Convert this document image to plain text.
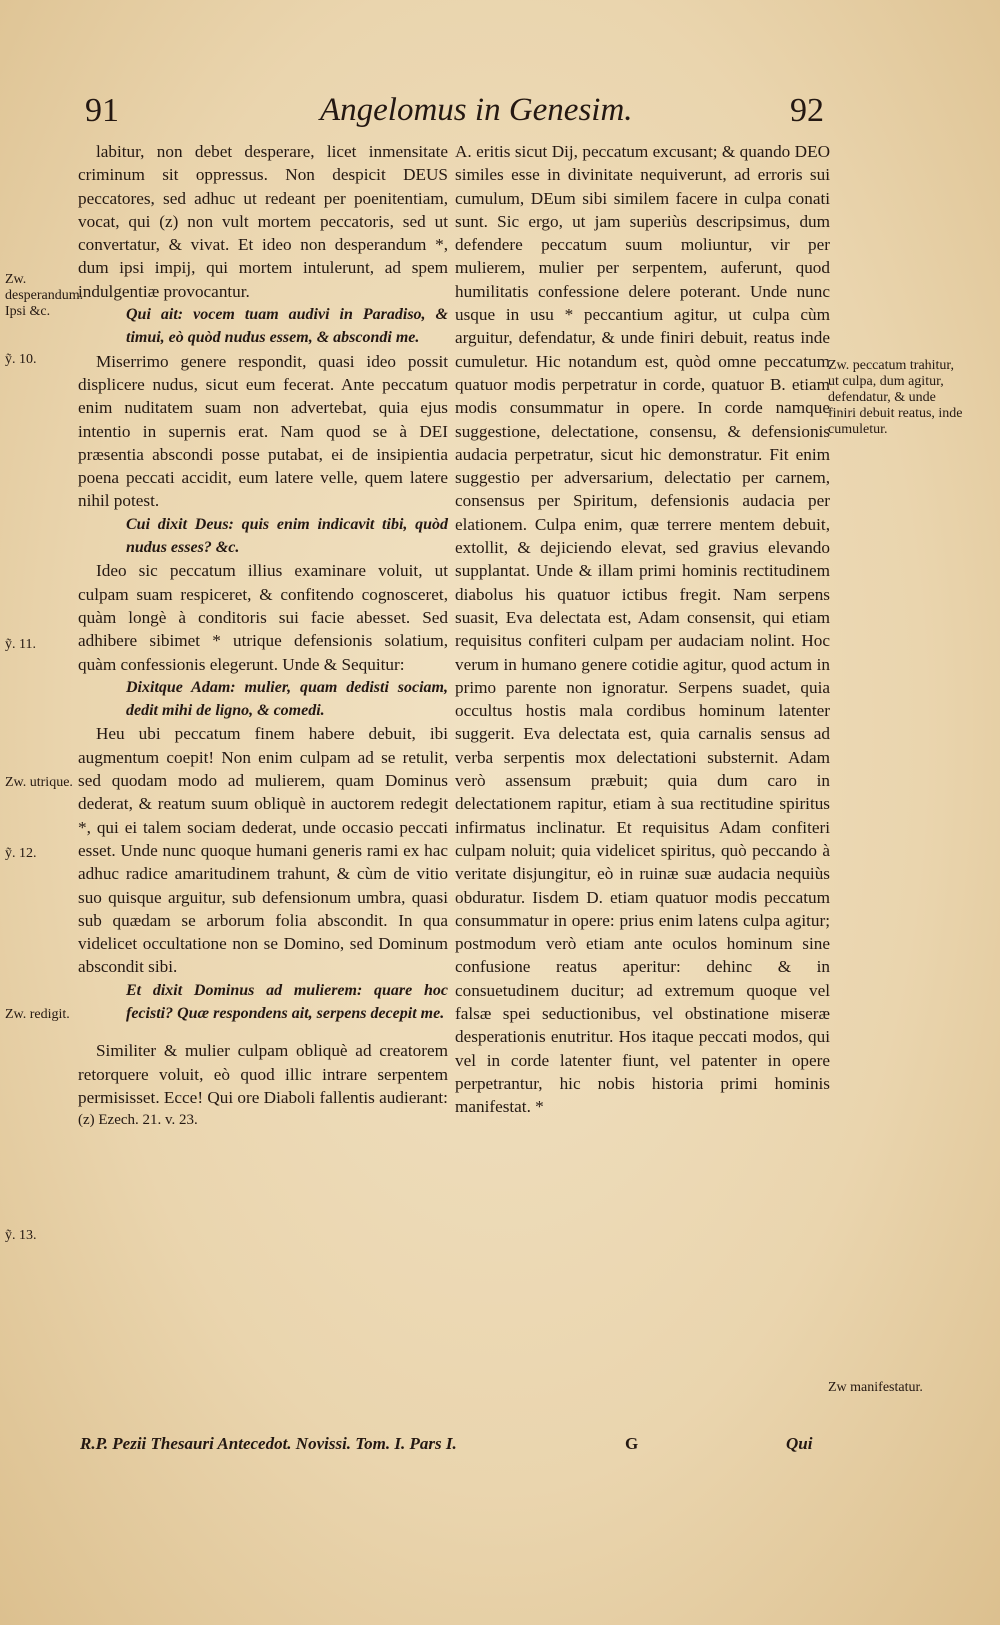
91	Angelomus in Genesim.	92

labitur, non debet desperare, licet inmensitate criminum sit oppressus. Non despicit DEUS peccatores, sed adhuc ut redeant per poenitentiam, vocat, qui (z) non vult mortem peccatoris, sed ut convertatur, & vivat. Et ideo non desperandum *, dum ipsi impij, qui mortem intulerunt, ad spem indulgentiæ provocantur.

Qui ait: vocem tuam audivi in Paradiso, & timui, eò quòd nudus essem, & abscondi me.

Miserrimo genere respondit, quasi ideo possit displicere nudus, sicut eum fecerat. Ante peccatum enim nuditatem suam non advertebat, quia ejus intentio in supernis erat. Nam quod se à DEI præsentia abscondi posse putabat, ei de insipientia poena peccati accidit, eum latere velle, quem latere nihil potest.

Cui dixit Deus: quis enim indicavit tibi, quòd nudus esses? &c.

Ideo sic peccatum illius examinare voluit, ut culpam suam respiceret, & confitendo cognosceret, quàm longè à conditoris sui facie abesset. Sed adhibere sibimet * utrique defensionis solatium, quàm confessionis elegerunt. Unde & Sequitur:

Dixitque Adam: mulier, quam dedisti sociam, dedit mihi de ligno, & comedi.

Heu ubi peccatum finem habere debuit, ibi augmentum coepit! Non enim culpam ad se retulit, sed quodam modo ad mulierem, quam Dominus dederat, & reatum suum obliquè in auctorem redegit *, qui ei talem sociam dederat, unde occasio peccati esset. Unde nunc quoque humani generis rami ex hac adhuc radice amaritudinem trahunt, & cùm de vitio suo quisque arguitur, sub defensionum umbra, quasi sub quædam se arborum folia abscondit. In qua videlicet occultatione non se Domino, sed Dominum abscondit sibi.

Et dixit Dominus ad mulierem: quare hoc fecisti? Quæ respondens ait, serpens decepit me.

Similiter & mulier culpam obliquè ad creatorem retorquere voluit, eò quod illic intrare serpentem permisisset. Ecce! Qui ore Diaboli fallentis audierant:

(z) Ezech. 21. v. 23.

A. eritis sicut Dij, peccatum excusant; & quando DEO similes esse in divinitate nequiverunt, ad erroris sui cumulum, DEum sibi similem facere in culpa conati sunt. Sic ergo, ut jam superiùs descripsimus, dum defendere peccatum suum moliuntur, vir per mulierem, mulier per serpentem, auferunt, quod humilitatis confessione delere poterant. Unde nunc usque in usu * peccantium agitur, ut culpa cùm arguitur, defendatur, & unde finiri debuit, reatus inde cumuletur. Hic notandum est, quòd omne peccatum quatuor modis perpetratur in corde, quatuor B. etiam modis consummatur in opere. In corde namque suggestione, delectatione, consensu, & defensionis audacia perpetratur, sicut hic demonstratur. Fit enim suggestio per adversarium, delectatio per carnem, consensus per Spiritum, defensionis audacia per elationem. Culpa enim, quæ terrere mentem debuit, extollit, & dejiciendo elevat, sed gravius elevando supplantat. Unde & illam primi hominis rectitudinem diabolus his quatuor ictibus fregit. Nam serpens suasit, Eva delectata est, Adam consensit, qui etiam requisitus confiteri culpam per audaciam nolint. Hoc verum in humano genere cotidie agitur, quod actum in primo parente non ignoratur. Serpens suadet, quia occultus hostis mala cordibus hominum latenter suggerit. Eva delectata est, quia carnalis sensus ad verba serpentis mox delectationi substernit. Adam verò assensum præbuit; quia dum caro in delectationem rapitur, etiam à sua rectitudine spiritus infirmatus inclinatur. Et requisitus Adam confiteri culpam noluit; quia videlicet spiritus, quò peccando à veritate disjungitur, eò in ruinæ suæ audacia nequiùs obduratur. Iisdem D. etiam quatuor modis peccatum consummatur in opere: prius enim latens culpa agitur; postmodum verò etiam ante oculos hominum sine confusione reatus aperitur: dehinc & in consuetudinem ducitur; ad extremum quoque vel falsæ spei seductionibus, vel obstinatione miseræ desperationis enutritur. Hos itaque peccati modos, qui vel in corde latenter fiunt, vel patenter in opere perpetrantur, hic nobis historia primi hominis manifestat. *

Zw. desperandum. Ipsi &c.
ỹ. 10.
ỹ. 11.
Zw. utrique.
ỹ. 12.
Zw. redigit.
ỹ. 13.
Zw. peccatum trahitur, ut culpa, dum agitur, defendatur, & unde finiri debuit reatus, inde cumuletur.
Zw manifestatur.
R.P. Pezii Thesauri Antecedot. Novissi. Tom. I. Pars I.	G	Qui
